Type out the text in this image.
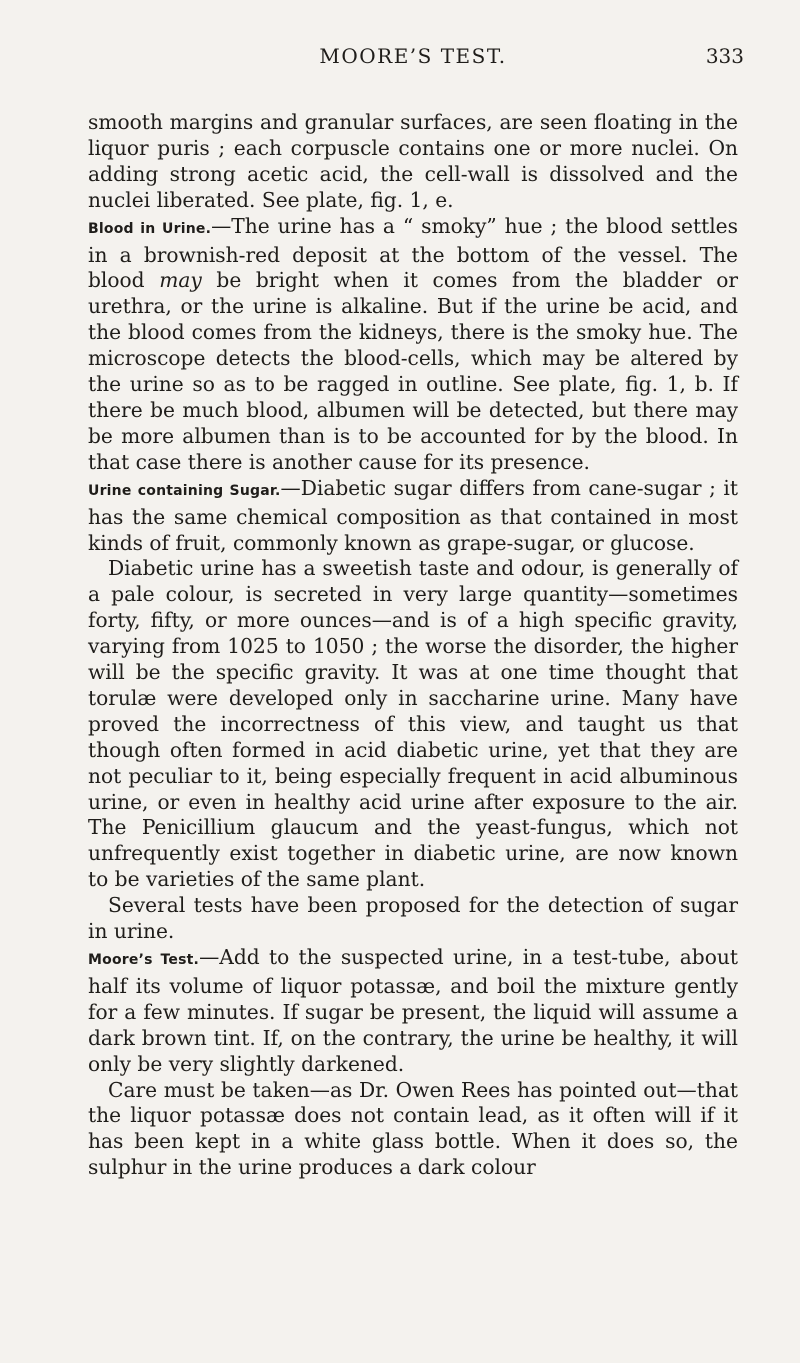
MOORE’S TEST.	333

smooth margins and granular surfaces, are seen floating in the liquor puris ; each corpuscle contains one or more nuclei. On adding strong acetic acid, the cell-wall is dissolved and the nuclei liberated. See plate, fig. 1, e.

Blood in Urine.—The urine has a “ smoky” hue ; the blood settles in a brownish-red deposit at the bottom of the vessel. The blood may be bright when it comes from the bladder or urethra, or the urine is alkaline. But if the urine be acid, and the blood comes from the kidneys, there is the smoky hue. The microscope detects the blood-cells, which may be altered by the urine so as to be ragged in outline. See plate, fig. 1, b. If there be much blood, albumen will be detected, but there may be more albumen than is to be accounted for by the blood. In that case there is another cause for its presence.

Urine containing Sugar.—Diabetic sugar differs from cane-sugar ; it has the same chemical composition as that contained in most kinds of fruit, commonly known as grape-sugar, or glucose.

Diabetic urine has a sweetish taste and odour, is generally of a pale colour, is secreted in very large quantity—sometimes forty, fifty, or more ounces—and is of a high specific gravity, varying from 1025 to 1050 ; the worse the disorder, the higher will be the specific gravity. It was at one time thought that torulæ were developed only in saccharine urine. Many have proved the incorrectness of this view, and taught us that though often formed in acid diabetic urine, yet that they are not peculiar to it, being especially frequent in acid albuminous urine, or even in healthy acid urine after exposure to the air. The Penicillium glaucum and the yeast-fungus, which not unfrequently exist together in diabetic urine, are now known to be varieties of the same plant.

Several tests have been proposed for the detection of sugar in urine.

Moore’s Test.—Add to the suspected urine, in a test-tube, about half its volume of liquor potassæ, and boil the mixture gently for a few minutes. If sugar be present, the liquid will assume a dark brown tint. If, on the contrary, the urine be healthy, it will only be very slightly darkened.

Care must be taken—as Dr. Owen Rees has pointed out—that the liquor potassæ does not contain lead, as it often will if it has been kept in a white glass bottle. When it does so, the sulphur in the urine produces a dark colour
